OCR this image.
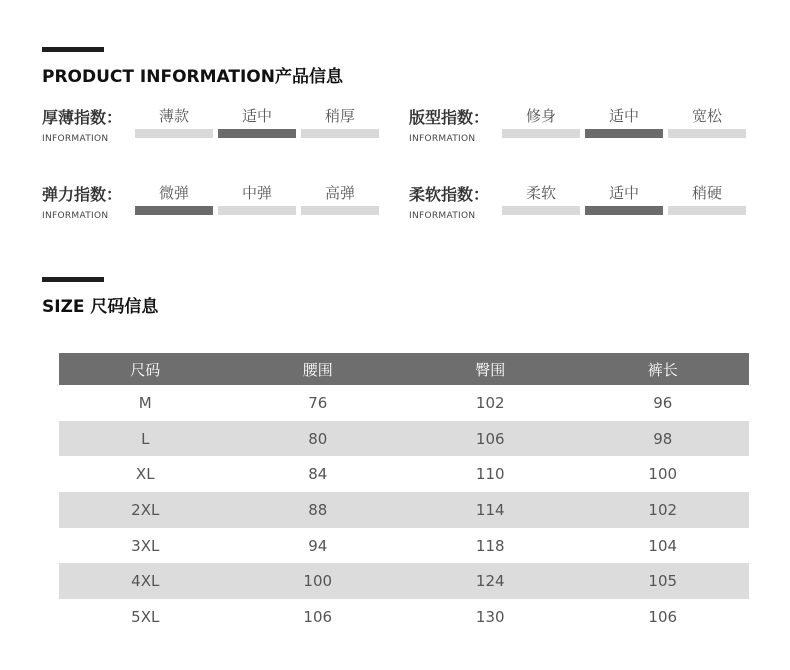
PRODUCT INFORMATION产品信息
厚薄指数：
INFORMATION
薄款	适中	稍厚	版型指数：
INFORMATION
修身	适中	宽松
弹力指数：
INFORMATION
微弹	中弹	高弹	柔软指数：
INFORMATION
柔软	适中	稍硬
SIZE 尺码信息
尺码	腰围	臀围	裤长
M	76	102	96
L	80	106	98
XL	84	110	100
2XL	88	114	102
3XL	94	118	104
4XL	100	124	105
5XL	106	130	106
